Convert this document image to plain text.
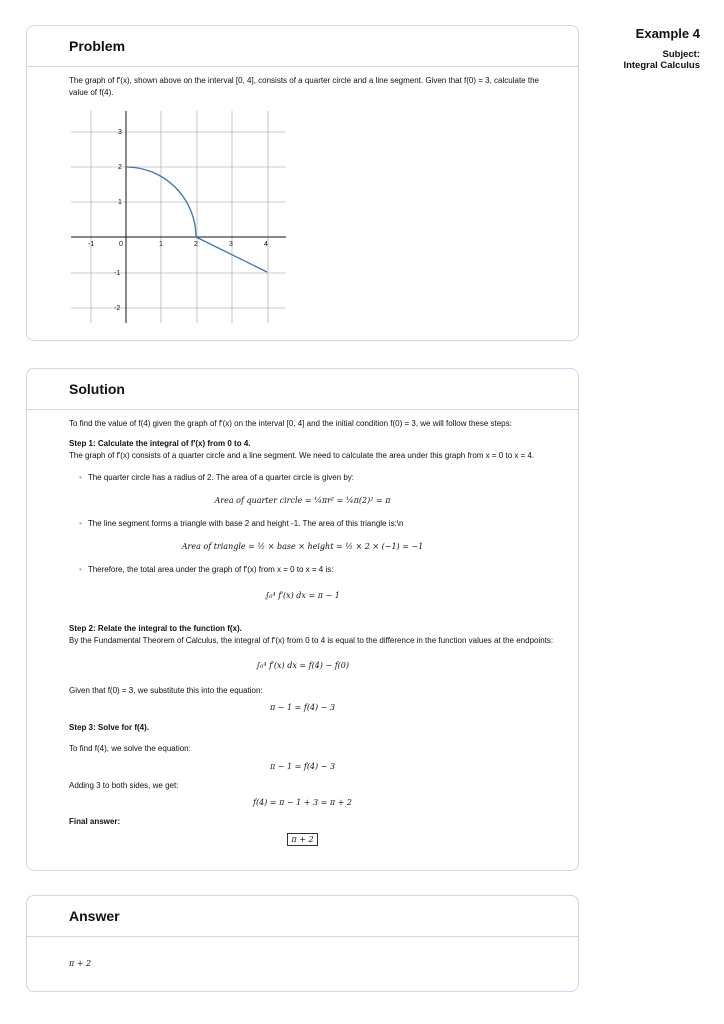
Example 4
Subject:
Integral Calculus
Problem
The graph of f′(x), shown above on the interval [0, 4], consists of a quarter circle and a line segment. Given that f(0) = 3, calculate the
value of f(4).
-1	0	1	2	3	4
3
2
1
-1
-2
Solution
To find the value of f(4) given the graph of f′(x) on the interval [0, 4] and the initial condition f(0) = 3, we will follow these steps:
Step 1: Calculate the integral of f′(x) from 0 to 4.
The graph of f′(x) consists of a quarter circle and a line segment. We need to calculate the area under this graph from x = 0 to x = 4.
• The quarter circle has a radius of 2. The area of a quarter circle is given by:
Area of quarter circle = ¼πr² = ¼π(2)² = π
• The line segment forms a triangle with base 2 and height -1. The area of this triangle is:\n
Area of triangle = ½ × base × height = ½ × 2 × (−1) = −1
• Therefore, the total area under the graph of f′(x) from x = 0 to x = 4 is:
∫₀⁴ f′(x) dx = π − 1
Step 2: Relate the integral to the function f(x).
By the Fundamental Theorem of Calculus, the integral of f′(x) from 0 to 4 is equal to the difference in the function values at the endpoints:
∫₀⁴ f′(x) dx = f(4) − f(0)
Given that f(0) = 3, we substitute this into the equation:
π − 1 = f(4) − 3
Step 3: Solve for f(4).
To find f(4), we solve the equation:
π − 1 = f(4) − 3
Adding 3 to both sides, we get:
f(4) = π − 1 + 3 = π + 2
Final answer:
π + 2
Answer
π + 2
